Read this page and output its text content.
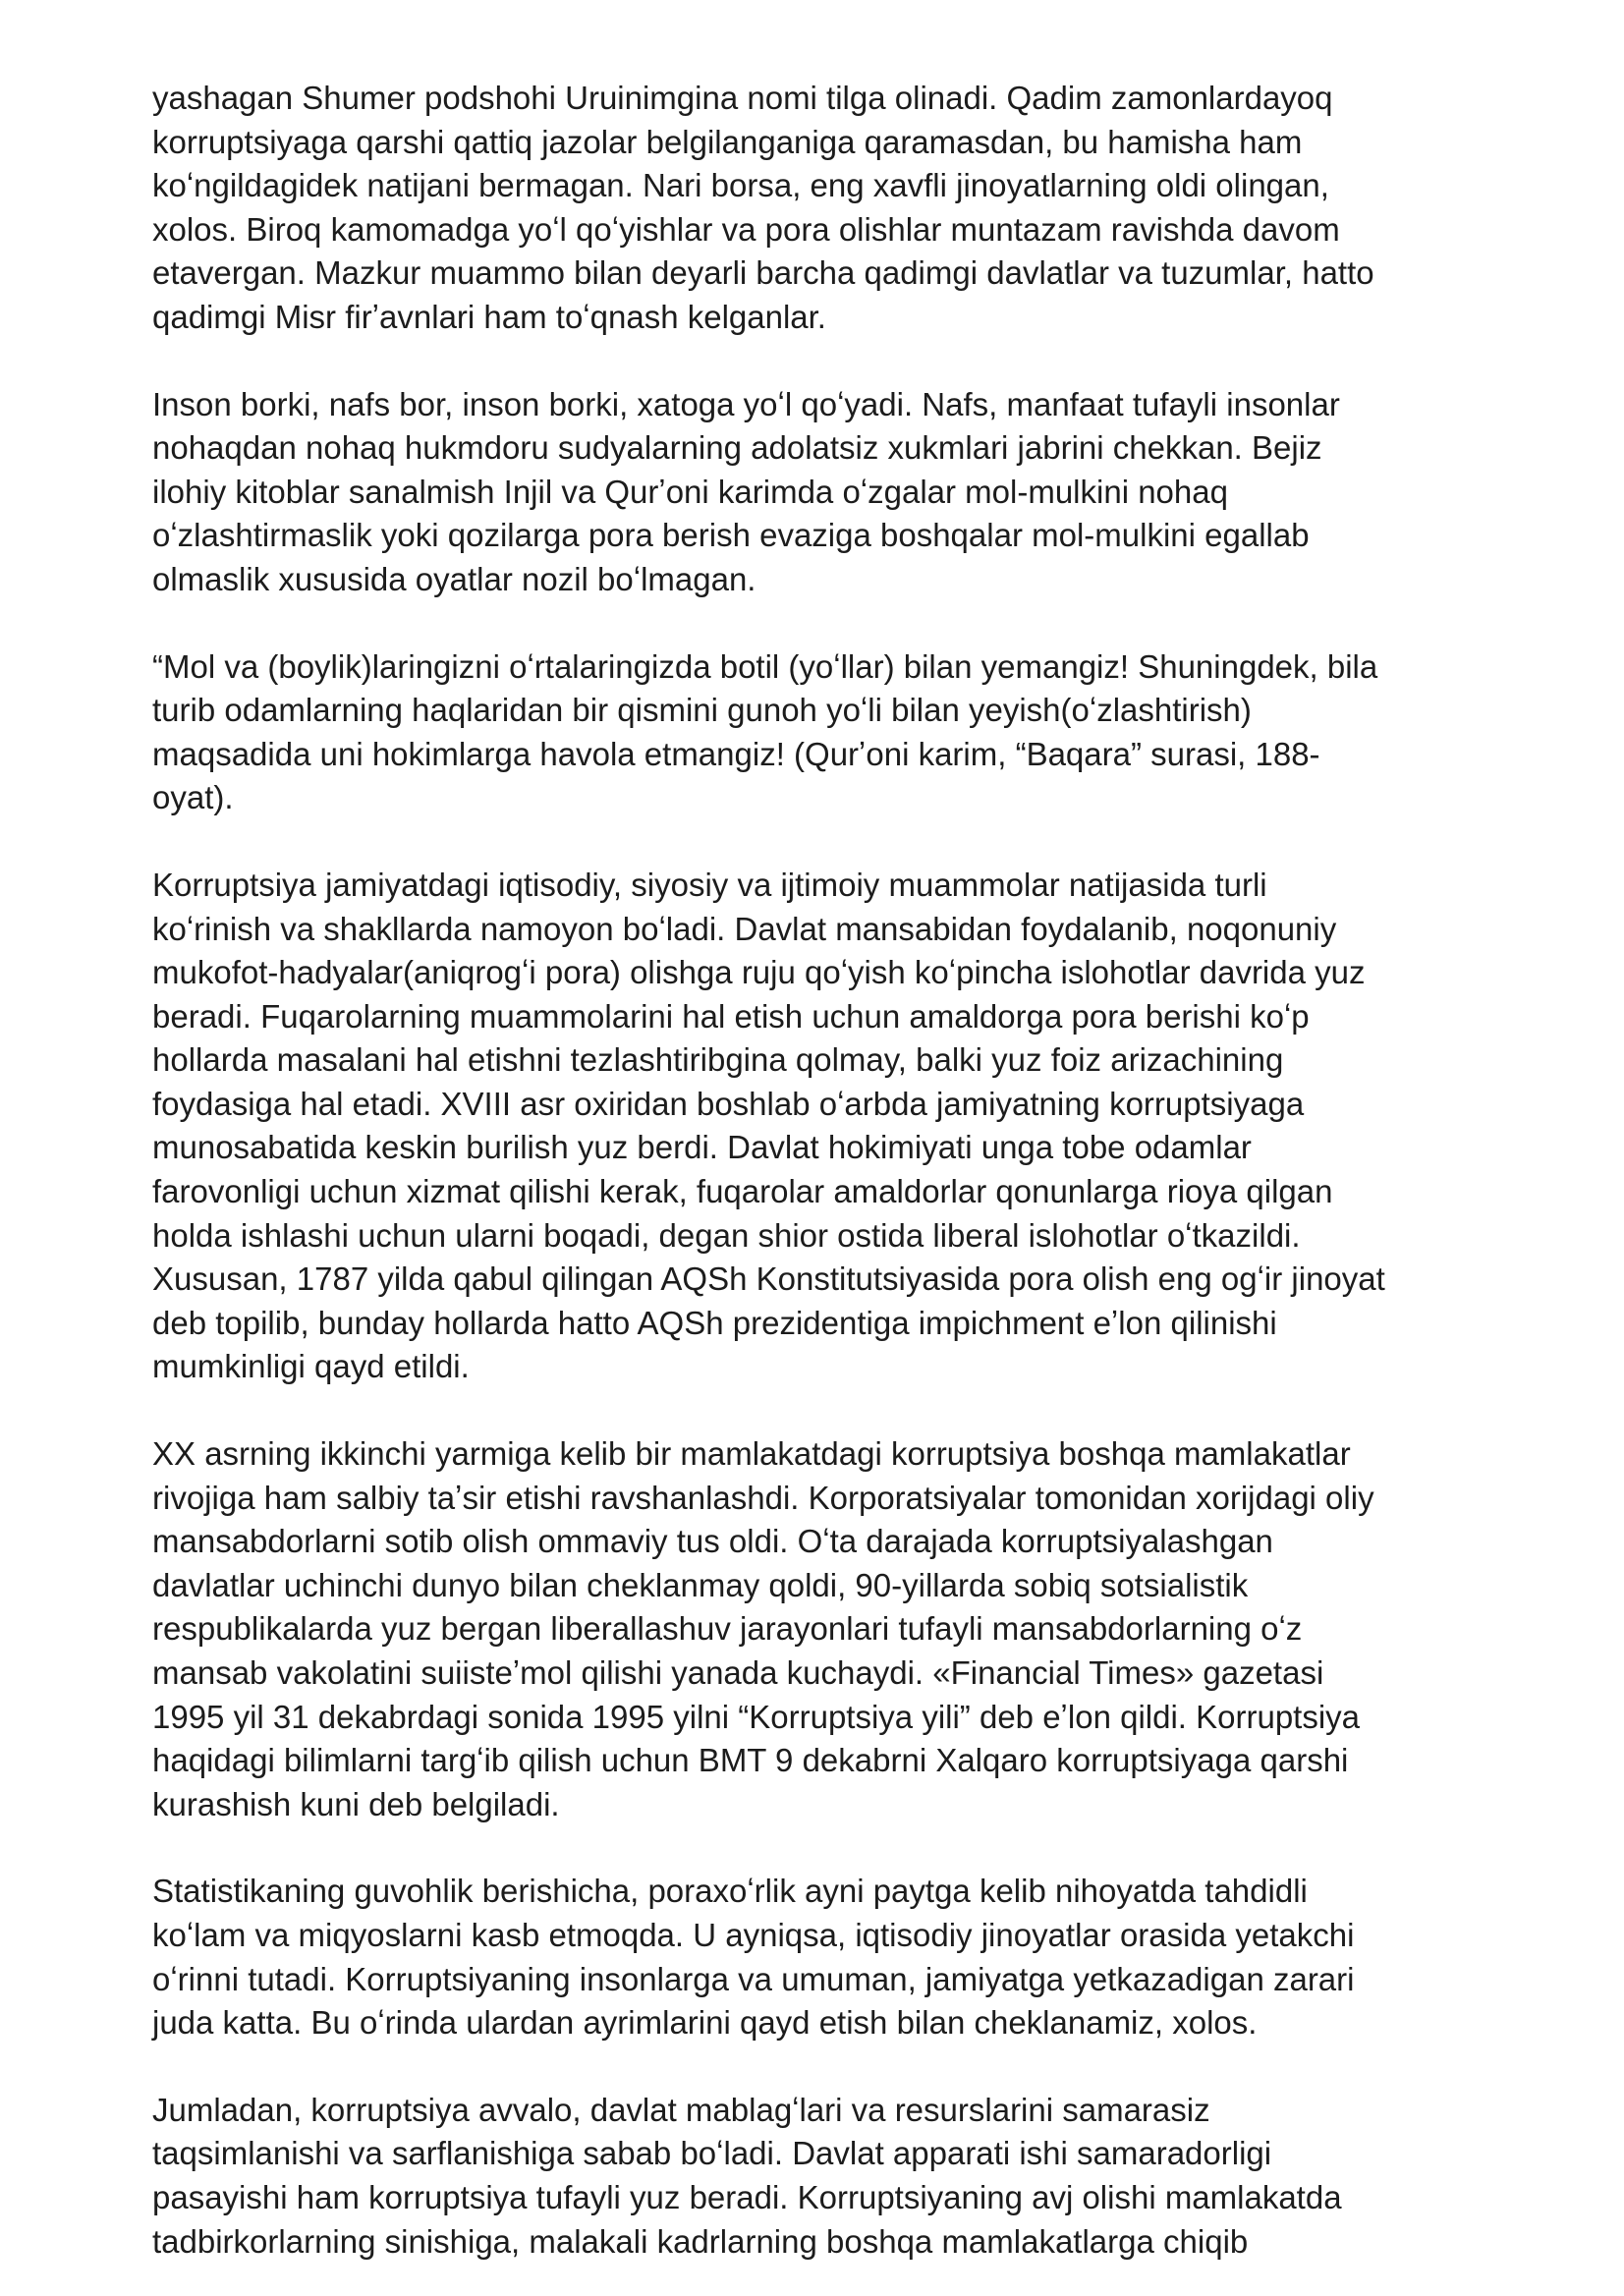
yashagan Shumer podshohi Uruinimgina nomi tilga olinadi. Qadim zamonlardayoq
korruptsiyaga qarshi qattiq jazolar belgilanganiga qaramasdan, bu hamisha ham
koʻngildagidek natijani bermagan. Nari borsa, eng xavfli jinoyatlarning oldi olingan,
xolos. Biroq kamomadga yoʻl qoʻyishlar va pora olishlar muntazam ravishda davom
etavergan. Mazkur muammo bilan deyarli barcha qadimgi davlatlar va tuzumlar, hatto
qadimgi Misr firʼavnlari ham toʻqnash kelganlar.

Inson borki, nafs bor, inson borki, xatoga yoʻl qoʻyadi. Nafs, manfaat tufayli insonlar
nohaqdan nohaq hukmdoru sudyalarning adolatsiz xukmlari jabrini chekkan. Bejiz
ilohiy kitoblar sanalmish Injil va Qurʼoni karimda oʻzgalar mol-mulkini nohaq
oʻzlashtirmaslik yoki qozilarga pora berish evaziga boshqalar mol-mulkini egallab
olmaslik xususida oyatlar nozil boʻlmagan.

“Mol va (boylik)laringizni oʻrtalaringizda botil (yoʻllar) bilan yemangiz! Shuningdek, bila
turib odamlarning haqlaridan bir qismini gunoh yoʻli bilan yeyish(oʻzlashtirish)
maqsadida uni hokimlarga havola etmangiz! (Qurʼoni karim, “Baqara” surasi, 188-
oyat).

Korruptsiya jamiyatdagi iqtisodiy, siyosiy va ijtimoiy muammolar natijasida turli
koʻrinish va shakllarda namoyon boʻladi. Davlat mansabidan foydalanib, noqonuniy
mukofot-hadyalar(aniqrogʻi pora) olishga ruju qoʻyish koʻpincha islohotlar davrida yuz
beradi. Fuqarolarning muammolarini hal etish uchun amaldorga pora berishi koʻp
hollarda masalani hal etishni tezlashtiribgina qolmay, balki yuz foiz arizachining
foydasiga hal etadi. XVIII asr oxiridan boshlab oʻarbda jamiyatning korruptsiyaga
munosabatida keskin burilish yuz berdi. Davlat hokimiyati unga tobe odamlar
farovonligi uchun xizmat qilishi kerak, fuqarolar amaldorlar qonunlarga rioya qilgan
holda ishlashi uchun ularni boqadi, degan shior ostida liberal islohotlar oʻtkazildi.
Xususan, 1787 yilda qabul qilingan AQSh Konstitutsiyasida pora olish eng ogʻir jinoyat
deb topilib, bunday hollarda hatto AQSh prezidentiga impichment eʼlon qilinishi
mumkinligi qayd etildi.

XX asrning ikkinchi yarmiga kelib bir mamlakatdagi korruptsiya boshqa mamlakatlar
rivojiga ham salbiy taʼsir etishi ravshanlashdi. Korporatsiyalar tomonidan xorijdagi oliy
mansabdorlarni sotib olish ommaviy tus oldi. Oʻta darajada korruptsiyalashgan
davlatlar uchinchi dunyo bilan cheklanmay qoldi, 90-yillarda sobiq sotsialistik
respublikalarda yuz bergan liberallashuv jarayonlari tufayli mansabdorlarning oʻz
mansab vakolatini suiisteʼmol qilishi yanada kuchaydi. «Financial Times» gazetasi
1995 yil 31 dekabrdagi sonida 1995 yilni “Korruptsiya yili” deb eʼlon qildi. Korruptsiya
haqidagi bilimlarni targʻib qilish uchun BMT 9 dekabrni Xalqaro korruptsiyaga qarshi
kurashish kuni deb belgiladi.

Statistikaning guvohlik berishicha, poraxoʻrlik ayni paytga kelib nihoyatda tahdidli
koʻlam va miqyoslarni kasb etmoqda. U ayniqsa, iqtisodiy jinoyatlar orasida yetakchi
oʻrinni tutadi. Korruptsiyaning insonlarga va umuman, jamiyatga yetkazadigan zarari
juda katta. Bu oʻrinda ulardan ayrimlarini qayd etish bilan cheklanamiz, xolos.

Jumladan, korruptsiya avvalo, davlat mablagʻlari va resurslarini samarasiz
taqsimlanishi va sarflanishiga sabab boʻladi. Davlat apparati ishi samaradorligi
pasayishi ham korruptsiya tufayli yuz beradi. Korruptsiyaning avj olishi mamlakatda
tadbirkorlarning sinishiga, malakali kadrlarning boshqa mamlakatlarga chiqib
